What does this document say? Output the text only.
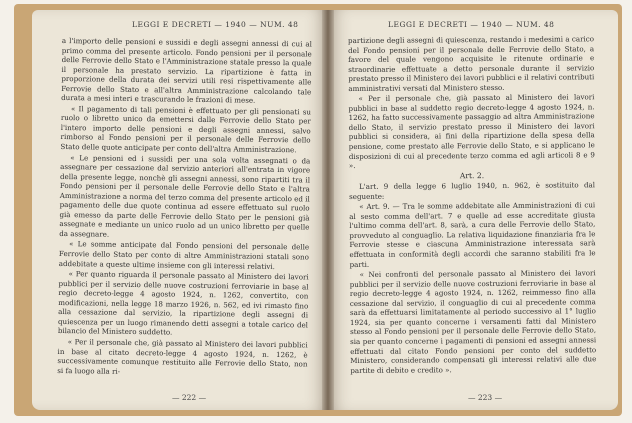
LEGGI E DECRETI — 1940 — NUM. 48

a l'importo delle pensioni e sussidi e degli assegni annessi di cui al primo comma del presente articolo. Fondo pensioni per il personale delle Ferrovie dello Stato e l'Amministrazione statale presso la quale il personale ha prestato servizio. La ripartizione è fatta in proporzione della durata dei servizi utili resi rispettivamente alle Ferrovie dello Stato e all'altra Amministrazione calcolando tale durata a mesi interi e trascurando le frazioni di mese.

« Il pagamento di tali pensioni è effettuato per gli pensionati su ruolo o libretto unico da emettersi dalle Ferrovie dello Stato per l'intero importo delle pensioni e degli assegni annessi, salvo rimborso al Fondo pensioni per il personale delle Ferrovie dello Stato delle quote anticipate per conto dell'altra Amministrazione.

« Le pensioni ed i sussidi per una sola volta assegnati o da assegnare per cessazione dal servizio anteriori all'entrata in vigore della presente legge, nonchè gli assegni annessi, sono ripartiti tra il Fondo pensioni per il personale delle Ferrovie dello Stato e l'altra Amministrazione a norma del terzo comma del presente articolo ed il pagamento delle due quote continua ad essere effettuato sul ruolo già emesso da parte delle Ferrovie dello Stato per le pensioni già assegnate e mediante un unico ruolo ad un unico libretto per quelle da assegnare.

« Le somme anticipate dal Fondo pensioni del personale delle Ferrovie dello Stato per conto di altre Amministrazioni statali sono addebitate a queste ultime insieme con gli interessi relativi.

« Per quanto riguarda il personale passato al Ministero dei lavori pubblici per il servizio delle nuove costruzioni ferroviarie in base al regio decreto-legge 4 agosto 1924, n. 1262, convertito, con modificazioni, nella legge 18 marzo 1926, n. 562, ed ivi rimasto fino alla cessazione dal servizio, la ripartizione degli assegni di quiescenza per un luogo rimanendo detti assegni a totale carico del bilancio del Ministero suddetto.

« Per il personale che, già passato al Ministero dei lavori pubblici in base al citato decreto-legge 4 agosto 1924, n. 1262, è successivamente comunque restituito alle Ferrovie dello Stato, non si fa luogo alla ri-

— 222 —
LEGGI E DECRETI — 1940 — NUM. 48

partizione degli assegni di quiescenza, restando i medesimi a carico del Fondo pensioni per il personale delle Ferrovie dello Stato, a favore del quale vengono acquisite le ritenute ordinarie e straordinarie effettuate a detto personale durante il servizio prestato presso il Ministero dei lavori pubblici e il relativi contributi amministrativi versati dal Ministero stesso.

« Per il personale che, già passato al Ministero dei lavori pubblici in base al suddetto regio decreto-legge 4 agosto 1924, n. 1262, ha fatto successivamente passaggio ad altra Amministrazione dello Stato, il servizio prestato presso il Ministero dei lavori pubblici si considera, ai fini della ripartizione della spesa della pensione, come prestato alle Ferrovie dello Stato, e si applicano le disposizioni di cui al precedente terzo comma ed agli articoli 8 e 9 ».

Art. 2.

L'art. 9 della legge 6 luglio 1940, n. 962, è sostituito dal seguente:

« Art. 9. — Tra le somme addebitate alle Amministrazioni di cui al sesto comma dell'art. 7 e quelle ad esse accreditate giusta l'ultimo comma dell'art. 8, sarà, a cura delle Ferrovie dello Stato, provveduto al conguaglio. La relativa liquidazione finanziaria fra le Ferrovie stesse e ciascuna Amministrazione interessata sarà effettuata in conformità degli accordi che saranno stabiliti fra le parti.

« Nei confronti del personale passato al Ministero dei lavori pubblici per il servizio delle nuove costruzioni ferroviarie in base al regio decreto-legge 4 agosto 1924, n. 1262, reimmesso fino alla cessazione dal servizio, il conguaglio di cui al precedente comma sarà da effettuarsi limitatamente al periodo successivo al 1° luglio 1924, sia per quanto concerne i versamenti fatti dal Ministero stesso al Fondo pensioni per il personale delle Ferrovie dello Stato, sia per quanto concerne i pagamenti di pensioni ed assegni annessi effettuati dal citato Fondo pensioni per conto del suddetto Ministero, considerando compensati gli interessi relativi alle due partite di debito e credito ».

— 223 —
